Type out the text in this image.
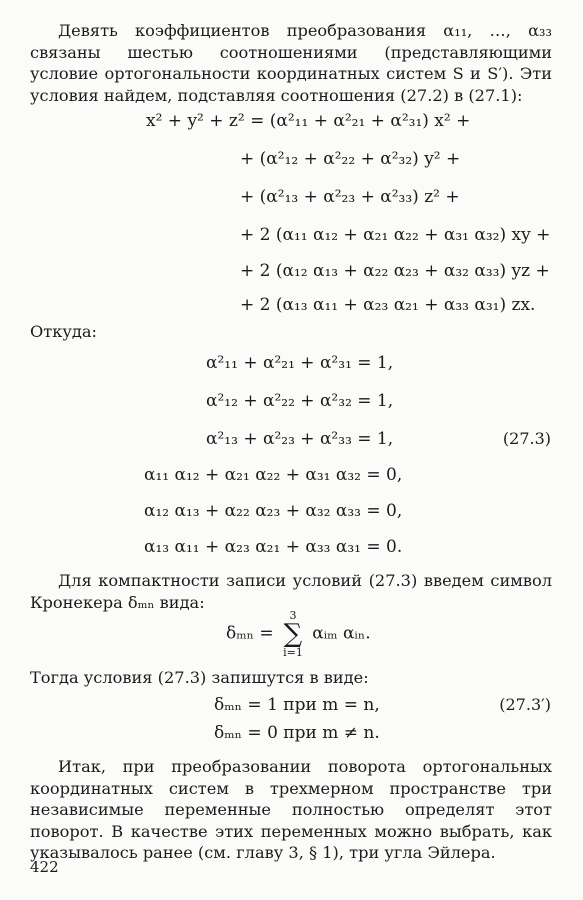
Девять коэффициентов преобразования α₁₁, …, α₃₃ связаны шестью соотношениями (представляющими условие ортогональности координатных систем S и S′). Эти условия найдем, подставляя соотношения (27.2) в (27.1):

x² + y² + z² = (α²₁₁ + α²₂₁ + α²₃₁) x² +
+ (α²₁₂ + α²₂₂ + α²₃₂) y² +
+ (α²₁₃ + α²₂₃ + α²₃₃) z² +
+ 2 (α₁₁ α₁₂ + α₂₁ α₂₂ + α₃₁ α₃₂) xy +
+ 2 (α₁₂ α₁₃ + α₂₂ α₂₃ + α₃₂ α₃₃) yz +
+ 2 (α₁₃ α₁₁ + α₂₃ α₂₁ + α₃₃ α₃₁) zx.
Откуда:
α²₁₁ + α²₂₁ + α²₃₁ = 1,
α²₁₂ + α²₂₂ + α²₃₂ = 1,
α²₁₃ + α²₂₃ + α²₃₃ = 1,	(27.3)
α₁₁ α₁₂ + α₂₁ α₂₂ + α₃₁ α₃₂ = 0,
α₁₂ α₁₃ + α₂₂ α₂₃ + α₃₂ α₃₃ = 0,
α₁₃ α₁₁ + α₂₃ α₂₁ + α₃₃ α₃₁ = 0.

Для компактности записи условий (27.3) введем символ Кронекера δₘₙ вида:

δₘₙ =
3
∑
i=1
αᵢₘ αᵢₙ.
Тогда условия (27.3) запишутся в виде:
δₘₙ = 1 при m = n,	(27.3′)
δₘₙ = 0 при m ≠ n.

Итак, при преобразовании поворота ортогональных координатных систем в трехмерном пространстве три независимые переменные полностью определят этот поворот. В качестве этих переменных можно выбрать, как указывалось ранее (см. главу 3, § 1), три угла Эйлера.

422
